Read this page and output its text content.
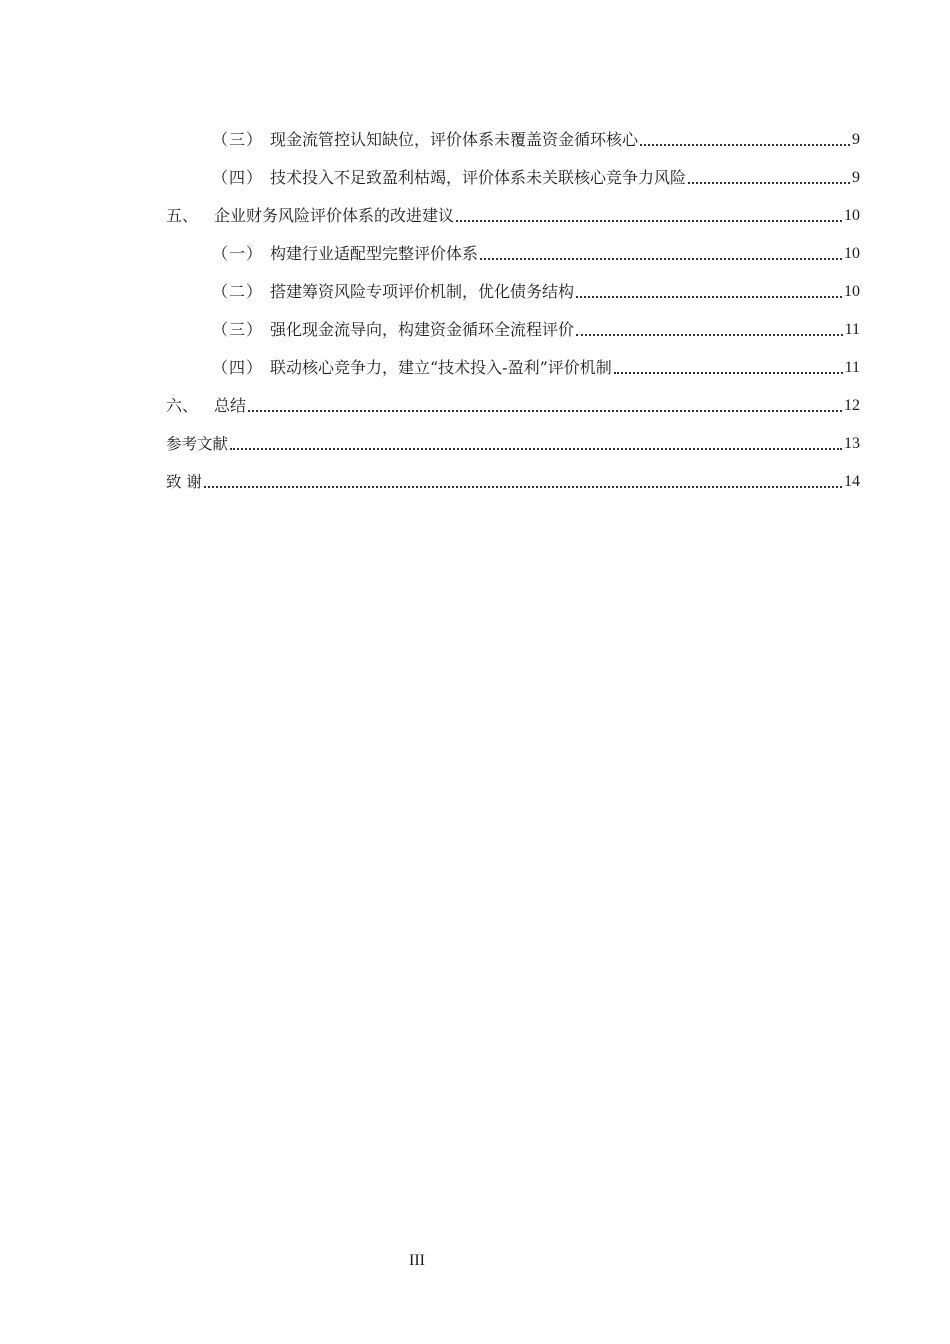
（三） 现金流管控认知缺位，评价体系未覆盖资金循环核心	9
（四） 技术投入不足致盈利枯竭，评价体系未关联核心竞争力风险	9
五、 企业财务风险评价体系的改进建议	10
（一） 构建行业适配型完整评价体系	10
（二） 搭建筹资风险专项评价机制，优化债务结构	10
（三） 强化现金流导向，构建资金循环全流程评价	11
（四） 联动核心竞争力，建立“技术投入-盈利”评价机制	11
六、 总结	12
参考文献	13
致 谢	14
III
